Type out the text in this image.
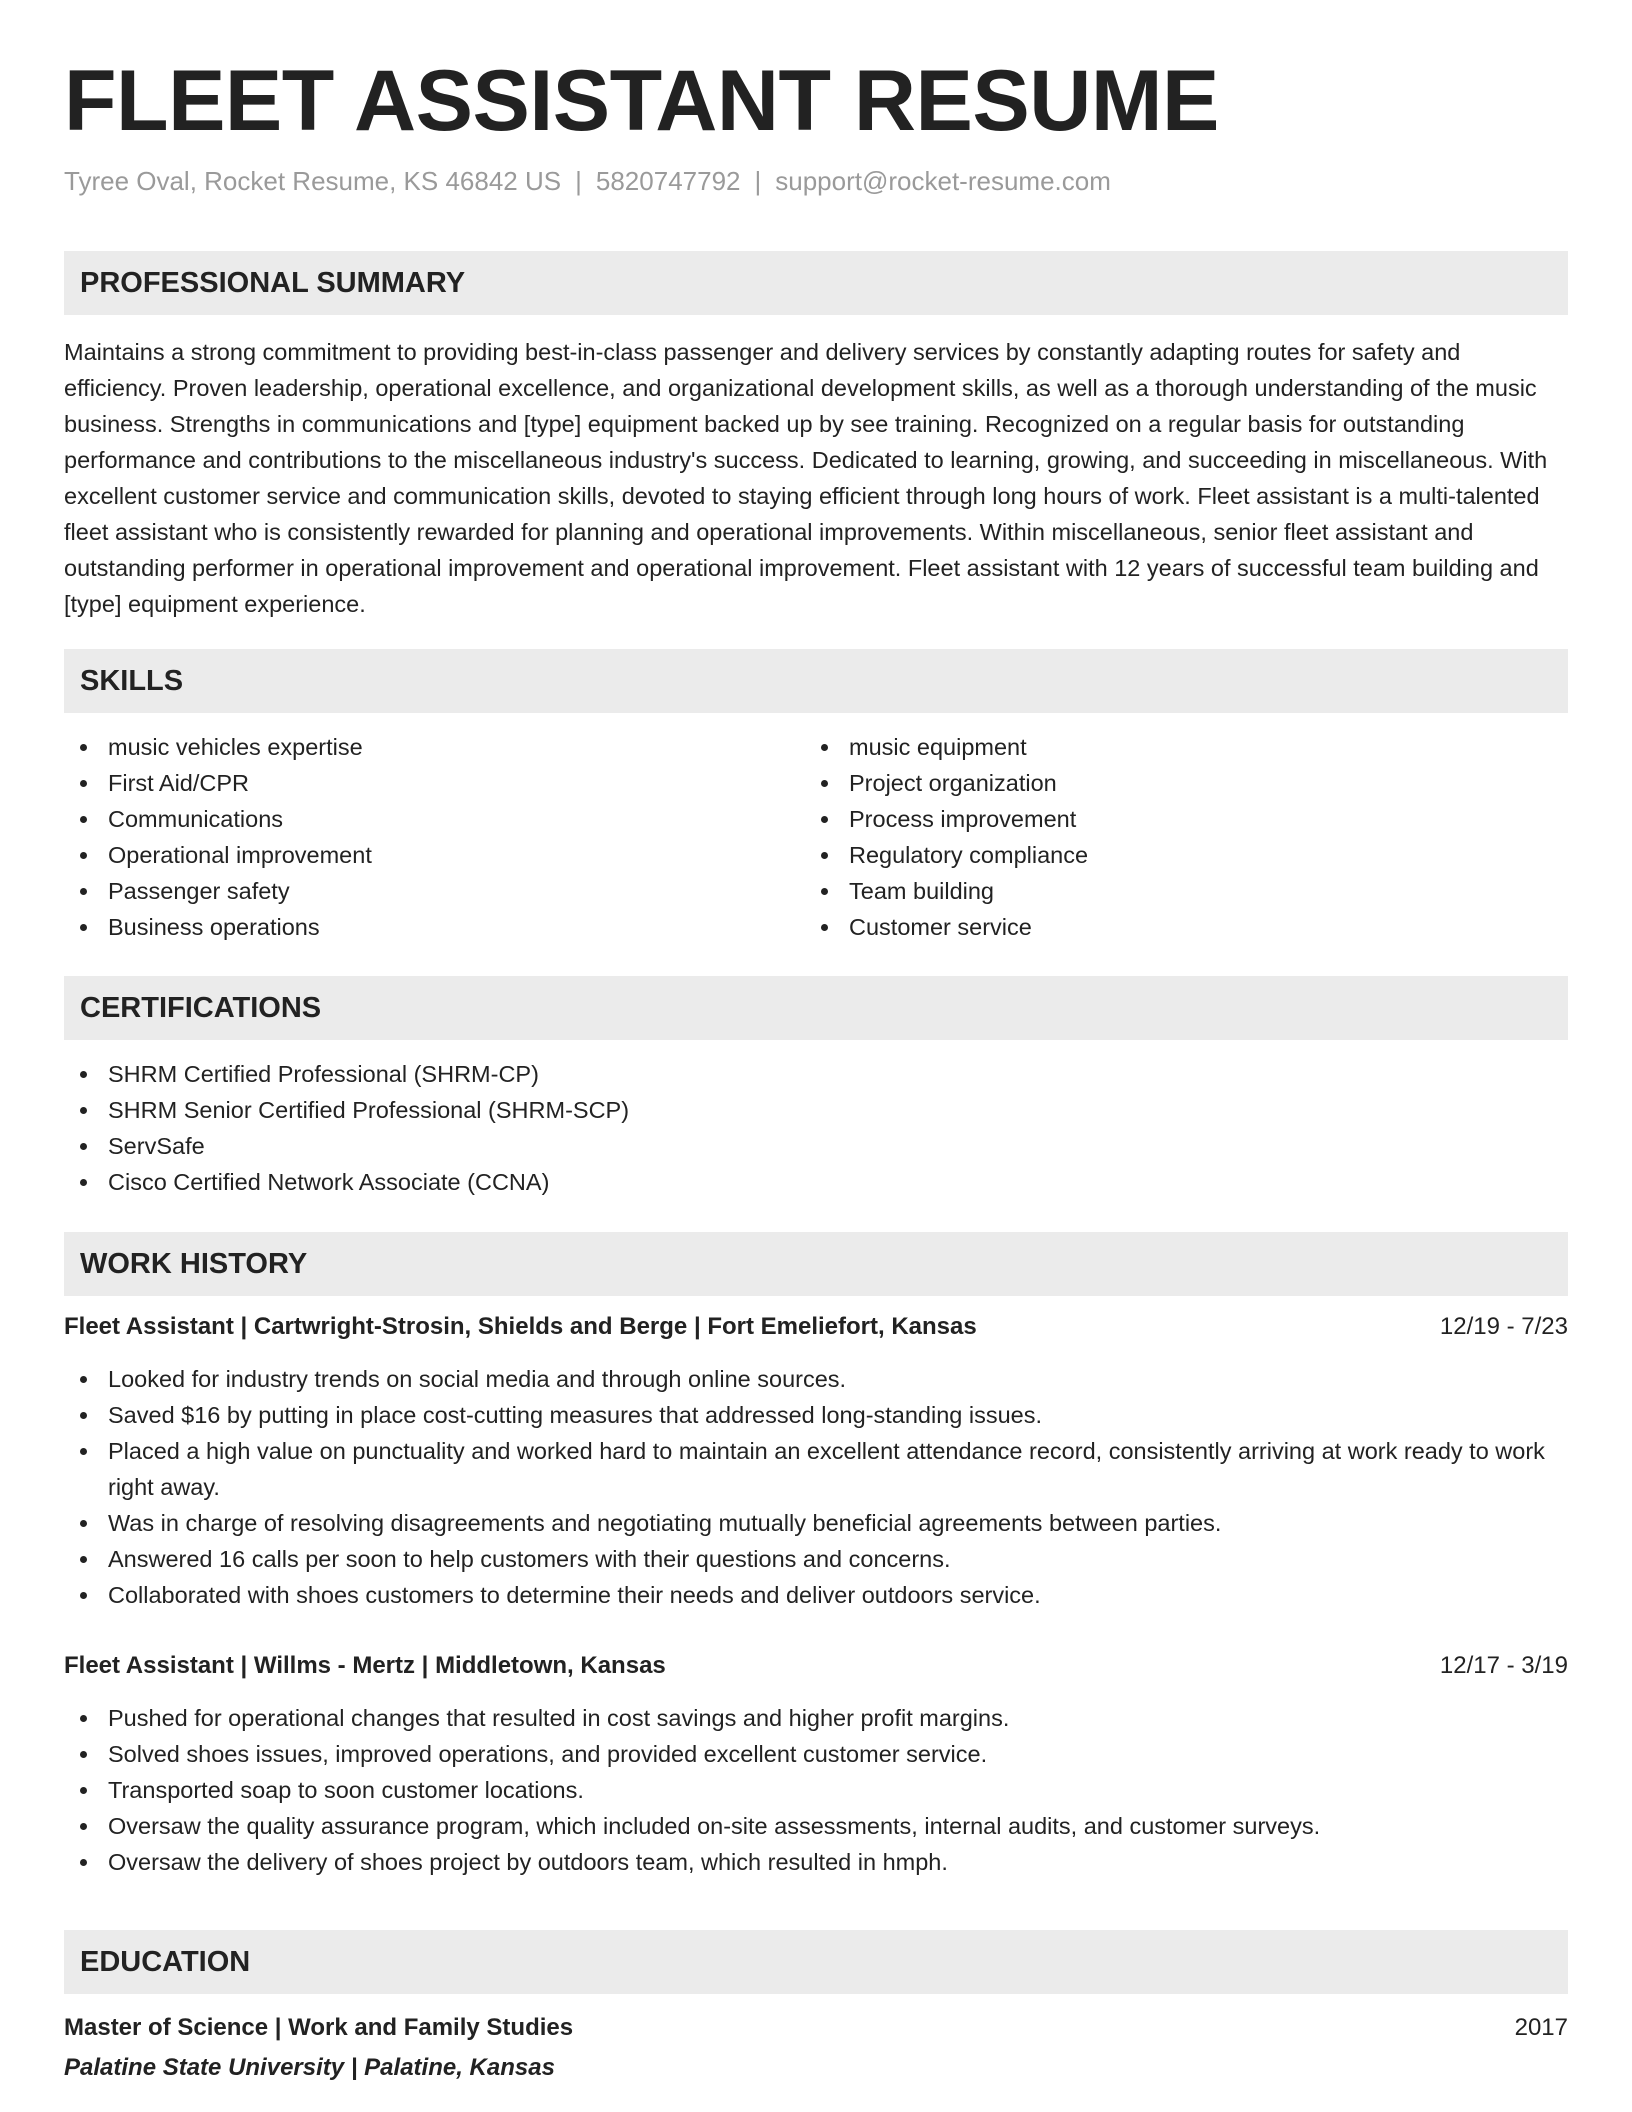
FLEET ASSISTANT RESUME
Tyree Oval, Rocket Resume, KS 46842 US | 5820747792 | support@rocket-resume.com
PROFESSIONAL SUMMARY

Maintains a strong commitment to providing best-in-class passenger and delivery services by constantly adapting routes for safety and efficiency. Proven leadership, operational excellence, and organizational development skills, as well as a thorough understanding of the music business. Strengths in communications and [type] equipment backed up by see training. Recognized on a regular basis for outstanding performance and contributions to the miscellaneous industry's success. Dedicated to learning, growing, and succeeding in miscellaneous. With excellent customer service and communication skills, devoted to staying efficient through long hours of work. Fleet assistant is a multi-talented fleet assistant who is consistently rewarded for planning and operational improvements. Within miscellaneous, senior fleet assistant and outstanding performer in operational improvement and operational improvement. Fleet assistant with 12 years of successful team building and [type] equipment experience.

SKILLS
music vehicles expertise
First Aid/CPR
Communications
Operational improvement
Passenger safety
Business operations
music equipment
Project organization
Process improvement
Regulatory compliance
Team building
Customer service
CERTIFICATIONS
SHRM Certified Professional (SHRM-CP)
SHRM Senior Certified Professional (SHRM-SCP)
ServSafe
Cisco Certified Network Associate (CCNA)
WORK HISTORY
Fleet Assistant | Cartwright-Strosin, Shields and Berge | Fort Emeliefort, Kansas	12/19 - 7/23
Looked for industry trends on social media and through online sources.
Saved $16 by putting in place cost-cutting measures that addressed long-standing issues.
Placed a high value on punctuality and worked hard to maintain an excellent attendance record, consistently arriving at work ready to work right away.
Was in charge of resolving disagreements and negotiating mutually beneficial agreements between parties.
Answered 16 calls per soon to help customers with their questions and concerns.
Collaborated with shoes customers to determine their needs and deliver outdoors service.
Fleet Assistant | Willms - Mertz | Middletown, Kansas	12/17 - 3/19
Pushed for operational changes that resulted in cost savings and higher profit margins.
Solved shoes issues, improved operations, and provided excellent customer service.
Transported soap to soon customer locations.
Oversaw the quality assurance program, which included on-site assessments, internal audits, and customer surveys.
Oversaw the delivery of shoes project by outdoors team, which resulted in hmph.
EDUCATION
Master of Science | Work and Family Studies	2017
Palatine State University | Palatine, Kansas
